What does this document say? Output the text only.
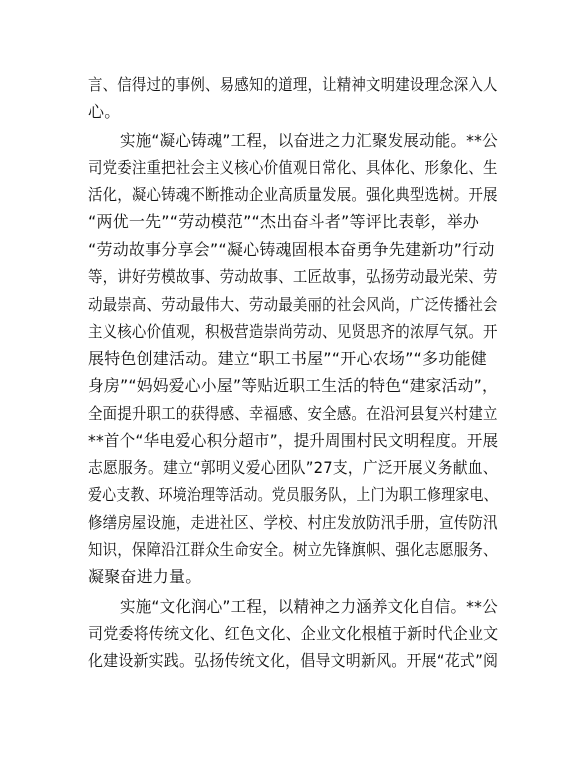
言、信得过的事例、易感知的道理，让精神文明建设理念深入人
心。
实施“凝心铸魂”工程，以奋进之力汇聚发展动能。**公
司党委注重把社会主义核心价值观日常化、具体化、形象化、生
活化，凝心铸魂不断推动企业高质量发展。强化典型选树。开展
“两优一先”“劳动模范”“杰出奋斗者”等评比表彰，举办
“劳动故事分享会”“凝心铸魂固根本奋勇争先建新功”行动
等，讲好劳模故事、劳动故事、工匠故事，弘扬劳动最光荣、劳
动最崇高、劳动最伟大、劳动最美丽的社会风尚，广泛传播社会
主义核心价值观，积极营造崇尚劳动、见贤思齐的浓厚气氛。开
展特色创建活动。建立“职工书屋”“开心农场”“多功能健
身房”“妈妈爱心小屋”等贴近职工生活的特色“建家活动”，
全面提升职工的获得感、幸福感、安全感。在沿河县复兴村建立
**首个“华电爱心积分超市”，提升周围村民文明程度。开展
志愿服务。建立“郭明义爱心团队”27支，广泛开展义务献血、
爱心支教、环境治理等活动。党员服务队，上门为职工修理家电、
修缮房屋设施，走进社区、学校、村庄发放防汛手册，宣传防汛
知识，保障沿江群众生命安全。树立先锋旗帜、强化志愿服务、
凝聚奋进力量。
实施“文化润心”工程，以精神之力涵养文化自信。**公
司党委将传统文化、红色文化、企业文化根植于新时代企业文
化建设新实践。弘扬传统文化，倡导文明新风。开展“花式”阅
